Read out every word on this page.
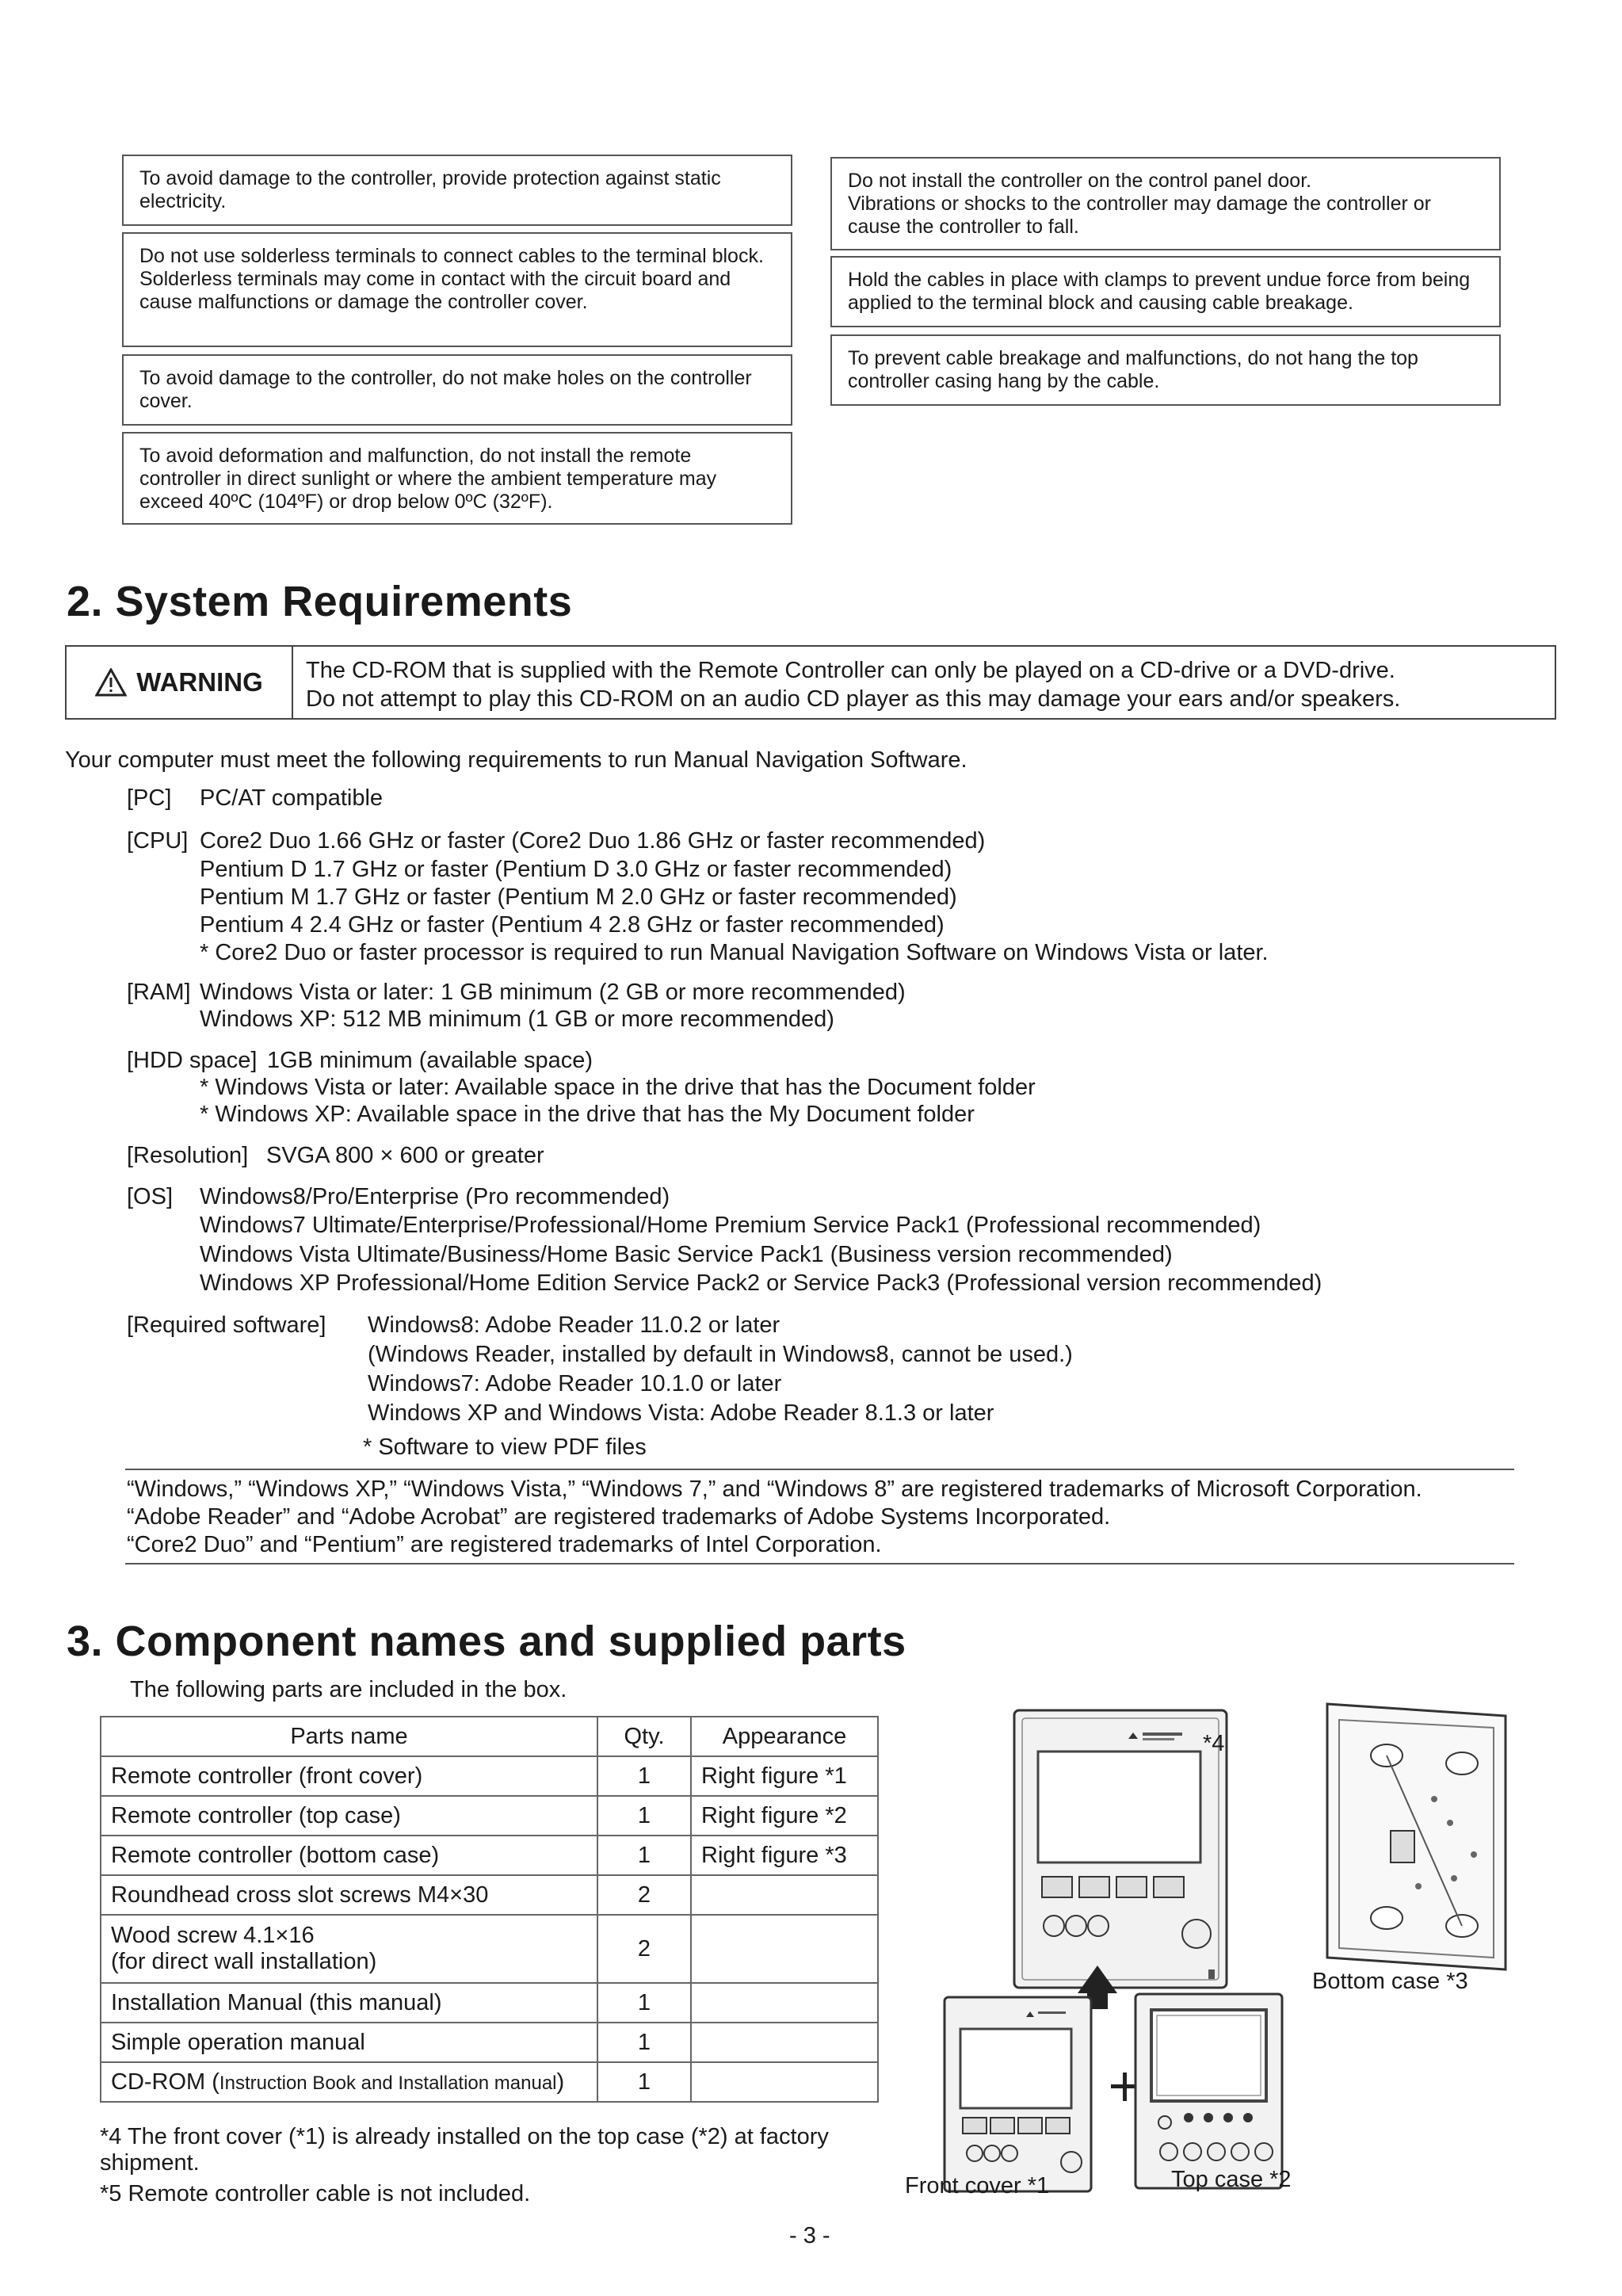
To avoid damage to the controller, provide protection against static electricity.
Do not use solderless terminals to connect cables to the terminal block.
Solderless terminals may come in contact with the circuit board and cause malfunctions or damage the controller cover.
To avoid damage to the controller, do not make holes on the controller cover.
To avoid deformation and malfunction, do not install the remote controller in direct sunlight or where the ambient temperature may exceed 40ºC (104ºF) or drop below 0ºC (32ºF).
Do not install the controller on the control panel door.
Vibrations or shocks to the controller may damage the controller or cause the controller to fall.
Hold the cables in place with clamps to prevent undue force from being applied to the terminal block and causing cable breakage.
To prevent cable breakage and malfunctions, do not hang the top controller casing hang by the cable.
2. System Requirements
WARNING	The CD-ROM that is supplied with the Remote Controller can only be played on a CD-drive or a DVD-drive.
Do not attempt to play this CD-ROM on an audio CD player as this may damage your ears and/or speakers.
Your computer must meet the following requirements to run Manual Navigation Software.
[PC] PC/AT compatible
[CPU] Core2 Duo 1.66 GHz or faster (Core2 Duo 1.86 GHz or faster recommended)
Pentium D 1.7 GHz or faster (Pentium D 3.0 GHz or faster recommended)
Pentium M 1.7 GHz or faster (Pentium M 2.0 GHz or faster recommended)
Pentium 4 2.4 GHz or faster (Pentium 4 2.8 GHz or faster recommended)
* Core2 Duo or faster processor is required to run Manual Navigation Software on Windows Vista or later.
[RAM] Windows Vista or later: 1 GB minimum (2 GB or more recommended)
Windows XP: 512 MB minimum (1 GB or more recommended)
[HDD space] 1GB minimum (available space)
* Windows Vista or later: Available space in the drive that has the Document folder
* Windows XP: Available space in the drive that has the My Document folder
[Resolution] SVGA 800 × 600 or greater
[OS] Windows8/Pro/Enterprise (Pro recommended)
Windows7 Ultimate/Enterprise/Professional/Home Premium Service Pack1 (Professional recommended)
Windows Vista Ultimate/Business/Home Basic Service Pack1 (Business version recommended)
Windows XP Professional/Home Edition Service Pack2 or Service Pack3 (Professional version recommended)
[Required software] Windows8: Adobe Reader 11.0.2 or later
(Windows Reader, installed by default in Windows8, cannot be used.)
Windows7: Adobe Reader 10.1.0 or later
Windows XP and Windows Vista: Adobe Reader 8.1.3 or later
* Software to view PDF files
“Windows,” “Windows XP,” “Windows Vista,” “Windows 7,” and “Windows 8” are registered trademarks of Microsoft Corporation.
“Adobe Reader” and “Adobe Acrobat” are registered trademarks of Adobe Systems Incorporated.
“Core2 Duo” and “Pentium” are registered trademarks of Intel Corporation.
3. Component names and supplied parts
The following parts are included in the box.
Parts name	Qty.	Appearance
Remote controller (front cover)	1	Right figure *1
Remote controller (top case)	1	Right figure *2
Remote controller (bottom case)	1	Right figure *3
Roundhead cross slot screws M4×30	2	
Wood screw 4.1×16
(for direct wall installation)	2	
Installation Manual (this manual)	1	
Simple operation manual	1	
CD-ROM (Instruction Book and Installation manual)	1	
*4 The front cover (*1) is already installed on the top case (*2) at factory
shipment.
*5 Remote controller cable is not included.
*4
Bottom case *3
Front cover *1	Top case *2
- 3 -
